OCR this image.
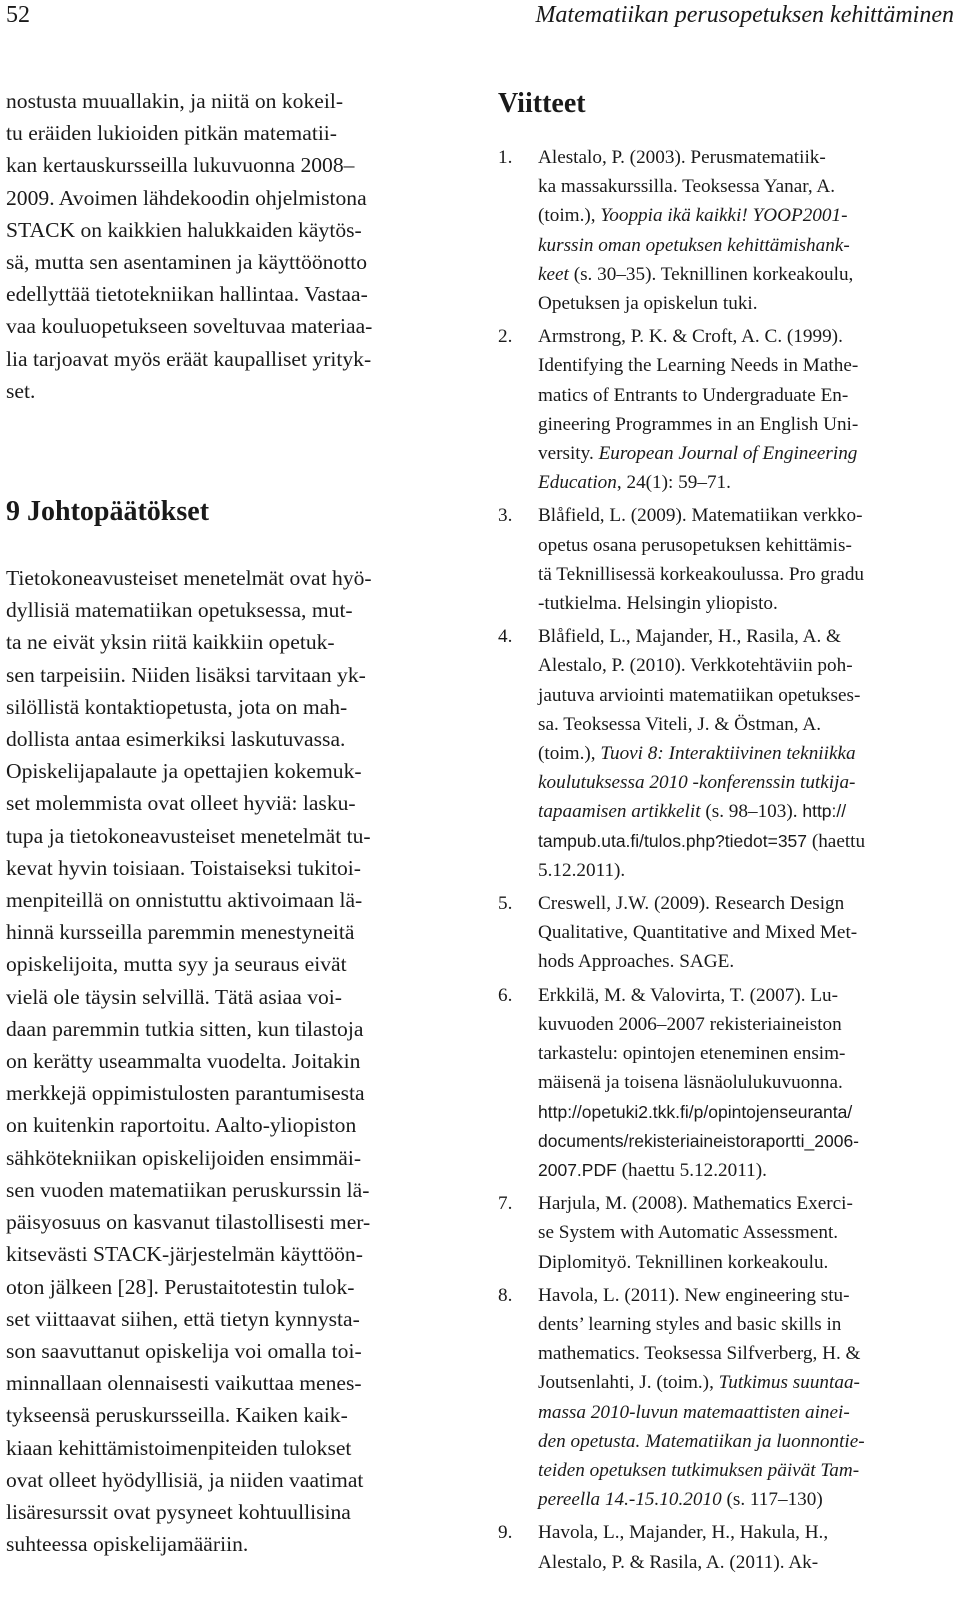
52	Matematiikan perusopetuksen kehittäminen

nostusta muuallakin, ja niitä on kokeil-
tu eräiden lukioiden pitkän matematii-
kan kertauskursseilla lukuvuonna 2008–
2009. Avoimen lähdekoodin ohjelmistona
STACK on kaikkien halukkaiden käytös-
sä, mutta sen asentaminen ja käyttöönotto
edellyttää tietotekniikan hallintaa. Vastaa-
vaa kouluopetukseen soveltuvaa materiaa-
lia tarjoavat myös eräät kaupalliset yrityk-
set.

9 Johtopäätökset

Tietokoneavusteiset menetelmät ovat hyö-
dyllisiä matematiikan opetuksessa, mut-
ta ne eivät yksin riitä kaikkiin opetuk-
sen tarpeisiin. Niiden lisäksi tarvitaan yk-
silöllistä kontaktiopetusta, jota on mah-
dollista antaa esimerkiksi laskutuvassa.
Opiskelijapalaute ja opettajien kokemuk-
set molemmista ovat olleet hyviä: lasku-
tupa ja tietokoneavusteiset menetelmät tu-
kevat hyvin toisiaan. Toistaiseksi tukitoi-
menpiteillä on onnistuttu aktivoimaan lä-
hinnä kursseilla paremmin menestyneitä
opiskelijoita, mutta syy ja seuraus eivät
vielä ole täysin selvillä. Tätä asiaa voi-
daan paremmin tutkia sitten, kun tilastoja
on kerätty useammalta vuodelta. Joitakin
merkkejä oppimistulosten parantumisesta
on kuitenkin raportoitu. Aalto-yliopiston
sähkötekniikan opiskelijoiden ensimmäi-
sen vuoden matematiikan peruskurssin lä-
päisyosuus on kasvanut tilastollisesti mer-
kitsevästi STACK-järjestelmän käyttöön-
oton jälkeen [28]. Perustaitotestin tulok-
set viittaavat siihen, että tietyn kynnysta-
son saavuttanut opiskelija voi omalla toi-
minnallaan olennaisesti vaikuttaa menes-
tykseensä peruskursseilla. Kaiken kaik-
kiaan kehittämistoimenpiteiden tulokset
ovat olleet hyödyllisiä, ja niiden vaatimat
lisäresurssit ovat pysyneet kohtuullisina
suhteessa opiskelijamääriin.

Viitteet
1. Alestalo, P. (2003). Perusmatematiik-
ka massakurssilla. Teoksessa Yanar, A.
(toim.), Yooppia ikä kaikki! YOOP2001-
kurssin oman opetuksen kehittämishank-
keet (s. 30–35). Teknillinen korkeakoulu,
Opetuksen ja opiskelun tuki.
2. Armstrong, P. K. & Croft, A. C. (1999).
Identifying the Learning Needs in Mathe-
matics of Entrants to Undergraduate En-
gineering Programmes in an English Uni-
versity. European Journal of Engineering
Education, 24(1): 59–71.
3. Blåfield, L. (2009). Matematiikan verkko-
opetus osana perusopetuksen kehittämis-
tä Teknillisessä korkeakoulussa. Pro gradu
-tutkielma. Helsingin yliopisto.
4. Blåfield, L., Majander, H., Rasila, A. &
Alestalo, P. (2010). Verkkotehtäviin poh-
jautuva arviointi matematiikan opetukses-
sa. Teoksessa Viteli, J. & Östman, A.
(toim.), Tuovi 8: Interaktiivinen tekniikka
koulutuksessa 2010 -konferenssin tutkija-
tapaamisen artikkelit (s. 98–103). http://
tampub.uta.fi/tulos.php?tiedot=357 (haettu
5.12.2011).
5. Creswell, J.W. (2009). Research Design
Qualitative, Quantitative and Mixed Met-
hods Approaches. SAGE.
6. Erkkilä, M. & Valovirta, T. (2007). Lu-
kuvuoden 2006–2007 rekisteriaineiston
tarkastelu: opintojen eteneminen ensim-
mäisenä ja toisena läsnäolulukuvuonna.
http://opetuki2.tkk.fi/p/opintojenseuranta/
documents/rekisteriaineistoraportti_2006-
2007.PDF (haettu 5.12.2011).
7. Harjula, M. (2008). Mathematics Exerci-
se System with Automatic Assessment.
Diplomityö. Teknillinen korkeakoulu.
8. Havola, L. (2011). New engineering stu-
dents’ learning styles and basic skills in
mathematics. Teoksessa Silfverberg, H. &
Joutsenlahti, J. (toim.), Tutkimus suuntaa-
massa 2010-luvun matemaattisten ainei-
den opetusta. Matematiikan ja luonnontie-
teiden opetuksen tutkimuksen päivät Tam-
pereella 14.-15.10.2010 (s. 117–130)
9. Havola, L., Majander, H., Hakula, H.,
Alestalo, P. & Rasila, A. (2011). Ak-
